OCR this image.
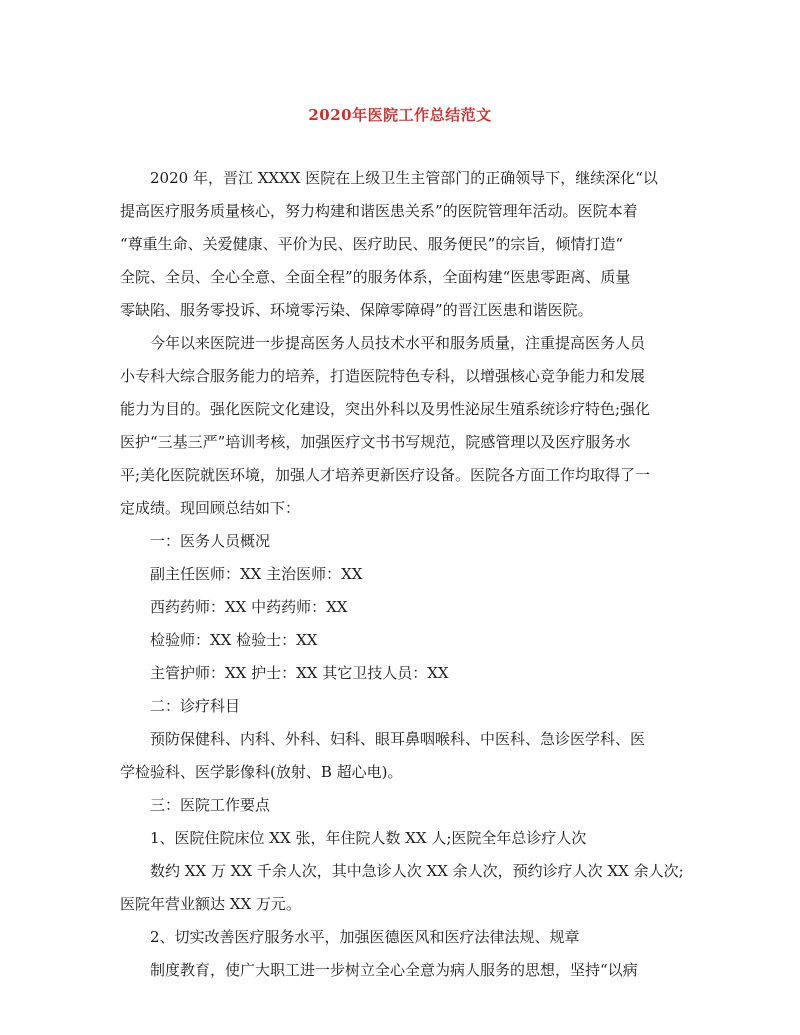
2020年医院工作总结范文
　　2020 年，晋江 XXXX 医院在上级卫生主管部门的正确领导下，继续深化“以
提高医疗服务质量核心，努力构建和谐医患关系”的医院管理年活动。医院本着
“尊重生命、关爱健康、平价为民、医疗助民、服务便民”的宗旨，倾情打造“
全院、全员、全心全意、全面全程”的服务体系，全面构建“医患零距离、质量
零缺陷、服务零投诉、环境零污染、保障零障碍”的晋江医患和谐医院。
　　今年以来医院进一步提高医务人员技术水平和服务质量，注重提高医务人员
小专科大综合服务能力的培养，打造医院特色专科，以增强核心竞争能力和发展
能力为目的。强化医院文化建设，突出外科以及男性泌尿生殖系统诊疗特色;强化
医护“三基三严”培训考核，加强医疗文书书写规范，院感管理以及医疗服务水
平;美化医院就医环境，加强人才培养更新医疗设备。医院各方面工作均取得了一
定成绩。现回顾总结如下：
　　一：医务人员概况
　　副主任医师：XX 主治医师：XX
　　西药药师：XX 中药药师：XX
　　检验师：XX 检验士：XX
　　主管护师：XX 护士：XX 其它卫技人员：XX
　　二：诊疗科目
　　预防保健科、内科、外科、妇科、眼耳鼻咽喉科、中医科、急诊医学科、医
学检验科、医学影像科(放射、B 超心电)。
　　三：医院工作要点
　　1、医院住院床位 XX 张，年住院人数 XX 人;医院全年总诊疗人次
　　数约 XX 万 XX 千余人次，其中急诊人次 XX 余人次，预约诊疗人次 XX 余人次;
医院年营业额达 XX 万元。
　　2、切实改善医疗服务水平，加强医德医风和医疗法律法规、规章
　　制度教育，使广大职工进一步树立全心全意为病人服务的思想，坚持“以病
